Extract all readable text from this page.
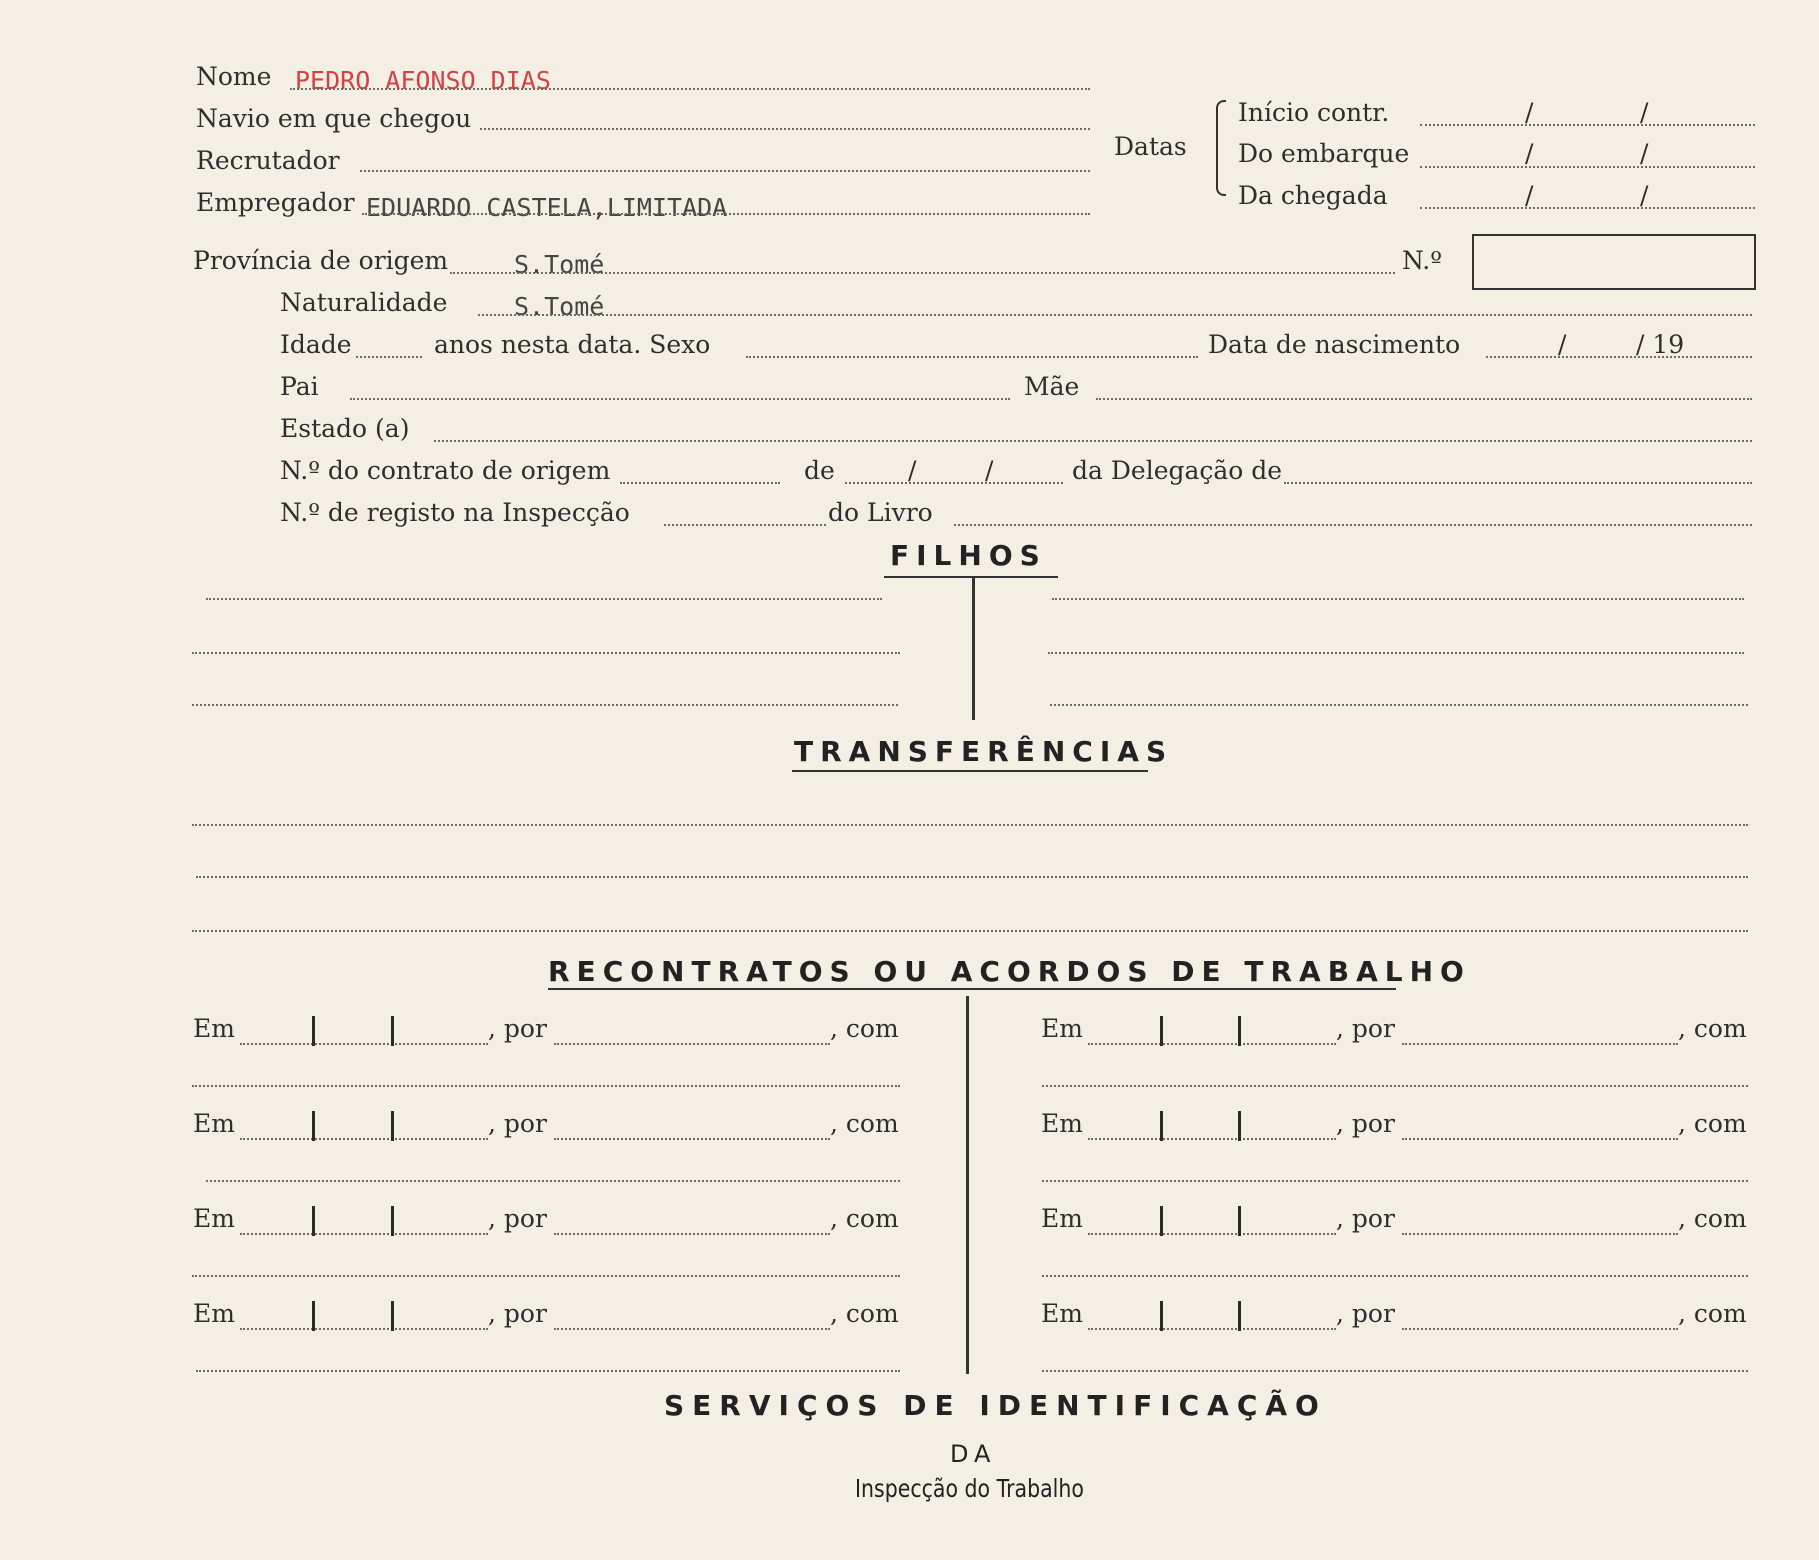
Nome PEDRO AFONSO DIAS
Navio em que chegou
Recrutador
Empregador EDUARDO CASTELA,LIMITADA
Datas
Início contr.	/	/
Do embarque	/	/
Da chegada	/	/
Província de origem	S.Tomé	N.º
Naturalidade	S.Tomé
Idade	anos nesta data. Sexo	Data de nascimento	/	/ 19
Pai	Mãe
Estado (a)
N.º do contrato de origem	de	/	/	da Delegação de
N.º de registo na Inspecção	do Livro
FILHOS
TRANSFERÊNCIAS
RECONTRATOS OU ACORDOS DE TRABALHO
Em	, por	, com
Em	, por	, com
Em	, por	, com
Em	, por	, com
Em	, por	, com
Em	, por	, com
Em	, por	, com
Em	, por	, com
SERVIÇOS DE IDENTIFICAÇÃO
DA
Inspecção do Trabalho
